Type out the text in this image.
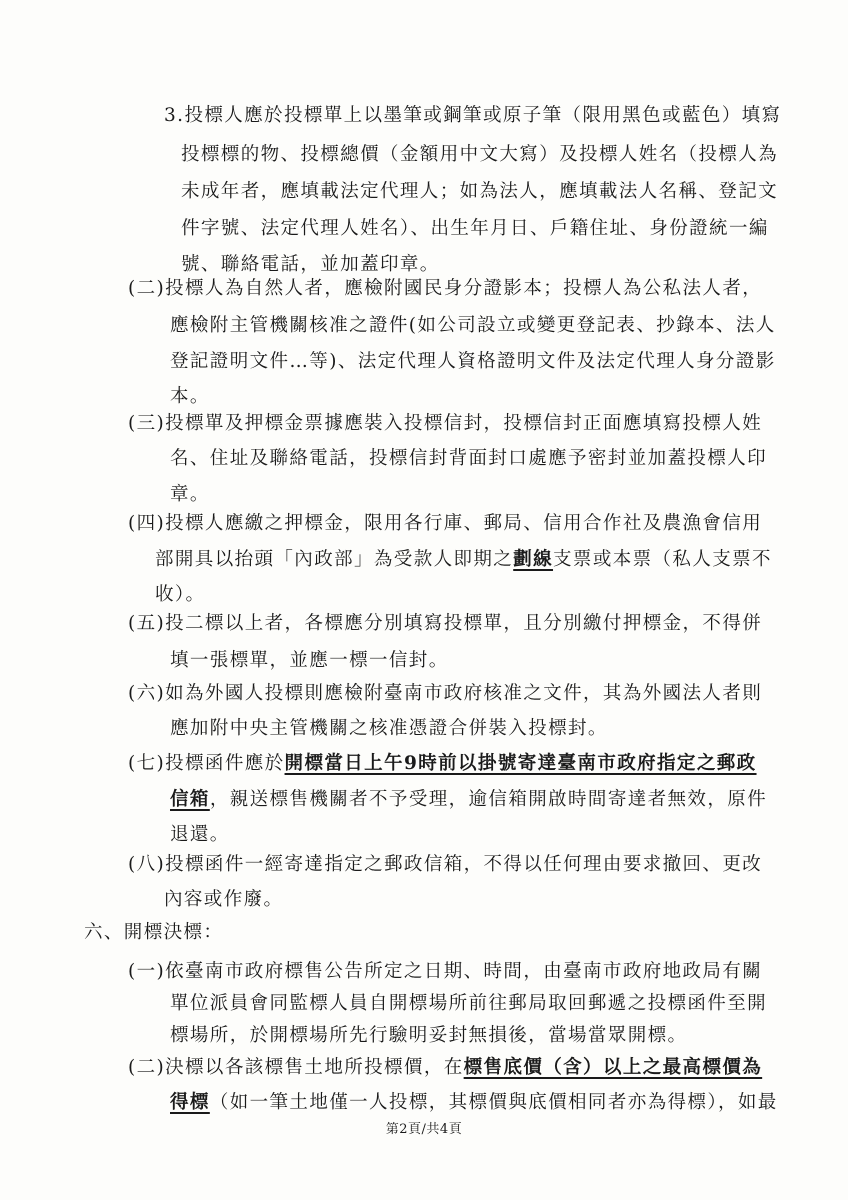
3.投標人應於投標單上以墨筆或鋼筆或原子筆（限用黑色或藍色）填寫
投標標的物、投標總價（金額用中文大寫）及投標人姓名（投標人為
未成年者，應填載法定代理人；如為法人，應填載法人名稱、登記文
件字號、法定代理人姓名）、出生年月日、戶籍住址、身份證統一編
號、聯絡電話，並加蓋印章。
(二)投標人為自然人者，應檢附國民身分證影本；投標人為公私法人者，
應檢附主管機關核准之證件(如公司設立或變更登記表、抄錄本、法人
登記證明文件…等)、法定代理人資格證明文件及法定代理人身分證影
本。
(三)投標單及押標金票據應裝入投標信封，投標信封正面應填寫投標人姓
名、住址及聯絡電話，投標信封背面封口處應予密封並加蓋投標人印
章。
(四)投標人應繳之押標金，限用各行庫、郵局、信用合作社及農漁會信用
部開具以抬頭「內政部」為受款人即期之劃線支票或本票（私人支票不
收）。
(五)投二標以上者，各標應分別填寫投標單，且分別繳付押標金，不得併
填一張標單，並應一標一信封。
(六)如為外國人投標則應檢附臺南市政府核准之文件，其為外國法人者則
應加附中央主管機關之核准憑證合併裝入投標封。
(七)投標函件應於開標當日上午9時前以掛號寄達臺南市政府指定之郵政
信箱，親送標售機關者不予受理，逾信箱開啟時間寄達者無效，原件
退還。
(八)投標函件一經寄達指定之郵政信箱，不得以任何理由要求撤回、更改
內容或作廢。
六、開標決標：
(一)依臺南市政府標售公告所定之日期、時間，由臺南市政府地政局有關
單位派員會同監標人員自開標場所前往郵局取回郵遞之投標函件至開
標場所，於開標場所先行驗明妥封無損後，當場當眾開標。
(二)決標以各該標售土地所投標價，在標售底價（含）以上之最高標價為
得標（如一筆土地僅一人投標，其標價與底價相同者亦為得標），如最
第2頁/共4頁
